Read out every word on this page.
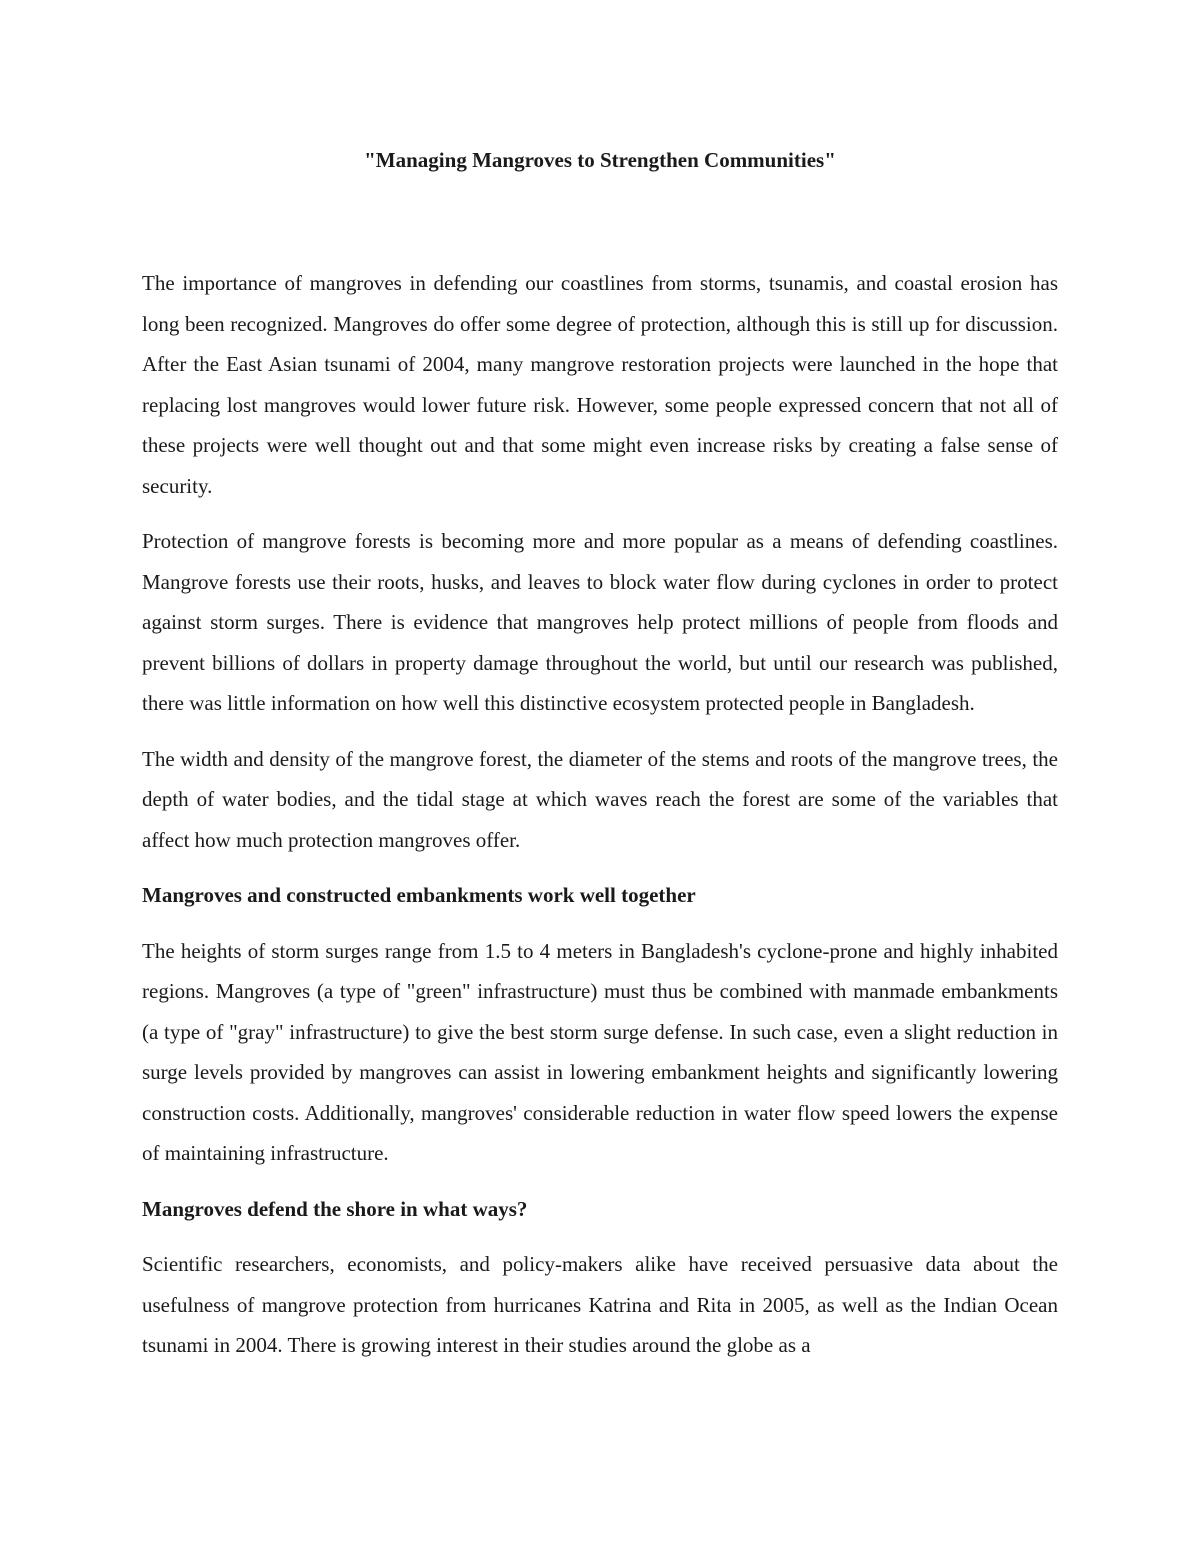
"Managing Mangroves to Strengthen Communities"

The importance of mangroves in defending our coastlines from storms, tsunamis, and coastal erosion has long been recognized. Mangroves do offer some degree of protection, although this is still up for discussion. After the East Asian tsunami of 2004, many mangrove restoration projects were launched in the hope that replacing lost mangroves would lower future risk. However, some people expressed concern that not all of these projects were well thought out and that some might even increase risks by creating a false sense of security.

Protection of mangrove forests is becoming more and more popular as a means of defending coastlines. Mangrove forests use their roots, husks, and leaves to block water flow during cyclones in order to protect against storm surges. There is evidence that mangroves help protect millions of people from floods and prevent billions of dollars in property damage throughout the world, but until our research was published, there was little information on how well this distinctive ecosystem protected people in Bangladesh.

The width and density of the mangrove forest, the diameter of the stems and roots of the mangrove trees, the depth of water bodies, and the tidal stage at which waves reach the forest are some of the variables that affect how much protection mangroves offer.

Mangroves and constructed embankments work well together

The heights of storm surges range from 1.5 to 4 meters in Bangladesh's cyclone-prone and highly inhabited regions. Mangroves (a type of "green" infrastructure) must thus be combined with manmade embankments (a type of "gray" infrastructure) to give the best storm surge defense. In such case, even a slight reduction in surge levels provided by mangroves can assist in lowering embankment heights and significantly lowering construction costs. Additionally, mangroves' considerable reduction in water flow speed lowers the expense of maintaining infrastructure.

Mangroves defend the shore in what ways?

Scientific researchers, economists, and policy-makers alike have received persuasive data about the usefulness of mangrove protection from hurricanes Katrina and Rita in 2005, as well as the Indian Ocean tsunami in 2004. There is growing interest in their studies around the globe as a
